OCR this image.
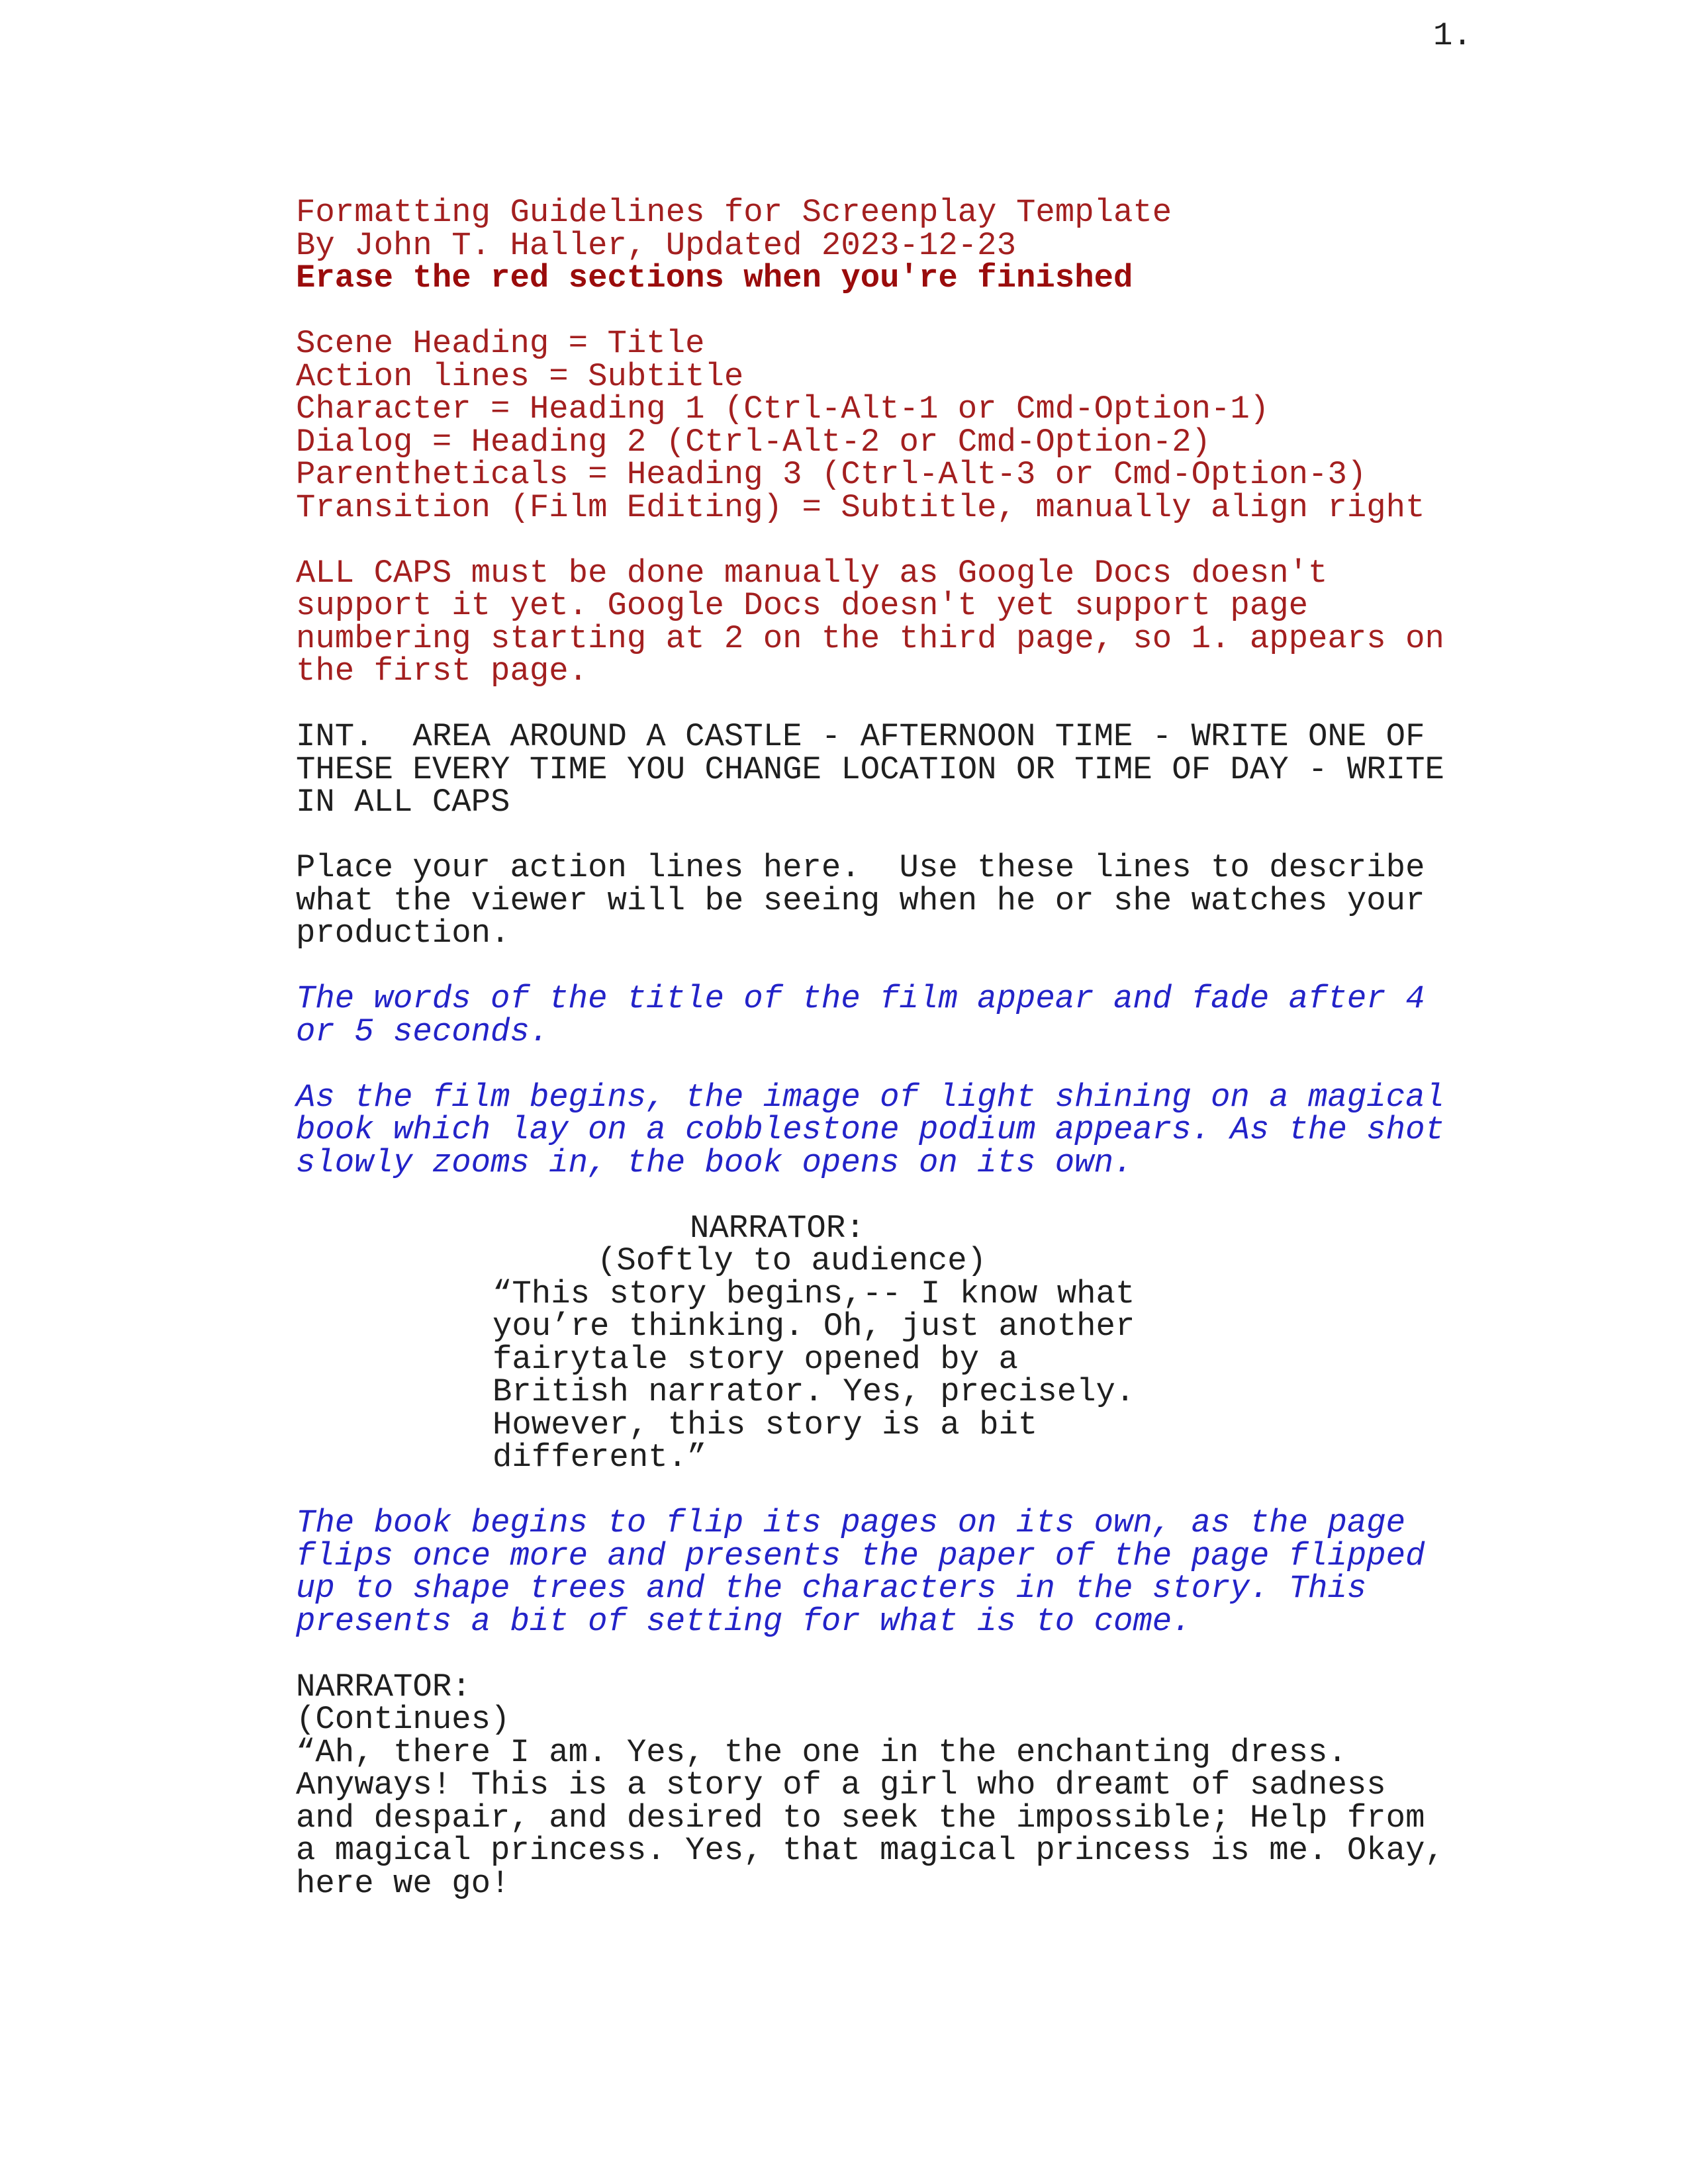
1.
Formatting Guidelines for Screenplay Template
By John T. Haller, Updated 2023-12-23
Erase the red sections when you're finished
Scene Heading = Title
Action lines = Subtitle
Character = Heading 1 (Ctrl-Alt-1 or Cmd-Option-1)
Dialog = Heading 2 (Ctrl-Alt-2 or Cmd-Option-2)
Parentheticals = Heading 3 (Ctrl-Alt-3 or Cmd-Option-3)
Transition (Film Editing) = Subtitle, manually align right
ALL CAPS must be done manually as Google Docs doesn't
support it yet. Google Docs doesn't yet support page
numbering starting at 2 on the third page, so 1. appears on
the first page.
INT.  AREA AROUND A CASTLE - AFTERNOON TIME - WRITE ONE OF
THESE EVERY TIME YOU CHANGE LOCATION OR TIME OF DAY - WRITE
IN ALL CAPS
Place your action lines here.  Use these lines to describe
what the viewer will be seeing when he or she watches your
production.
The words of the title of the film appear and fade after 4
or 5 seconds.
As the film begins, the image of light shining on a magical
book which lay on a cobblestone podium appears. As the shot
slowly zooms in, the book opens on its own.
NARRATOR:
(Softly to audience)
“This story begins,-- I know what
you’re thinking. Oh, just another
fairytale story opened by a
British narrator. Yes, precisely.
However, this story is a bit
different.”
The book begins to flip its pages on its own, as the page
flips once more and presents the paper of the page flipped
up to shape trees and the characters in the story. This
presents a bit of setting for what is to come.
NARRATOR:
(Continues)
“Ah, there I am. Yes, the one in the enchanting dress.
Anyways! This is a story of a girl who dreamt of sadness
and despair, and desired to seek the impossible; Help from
a magical princess. Yes, that magical princess is me. Okay,
here we go!
